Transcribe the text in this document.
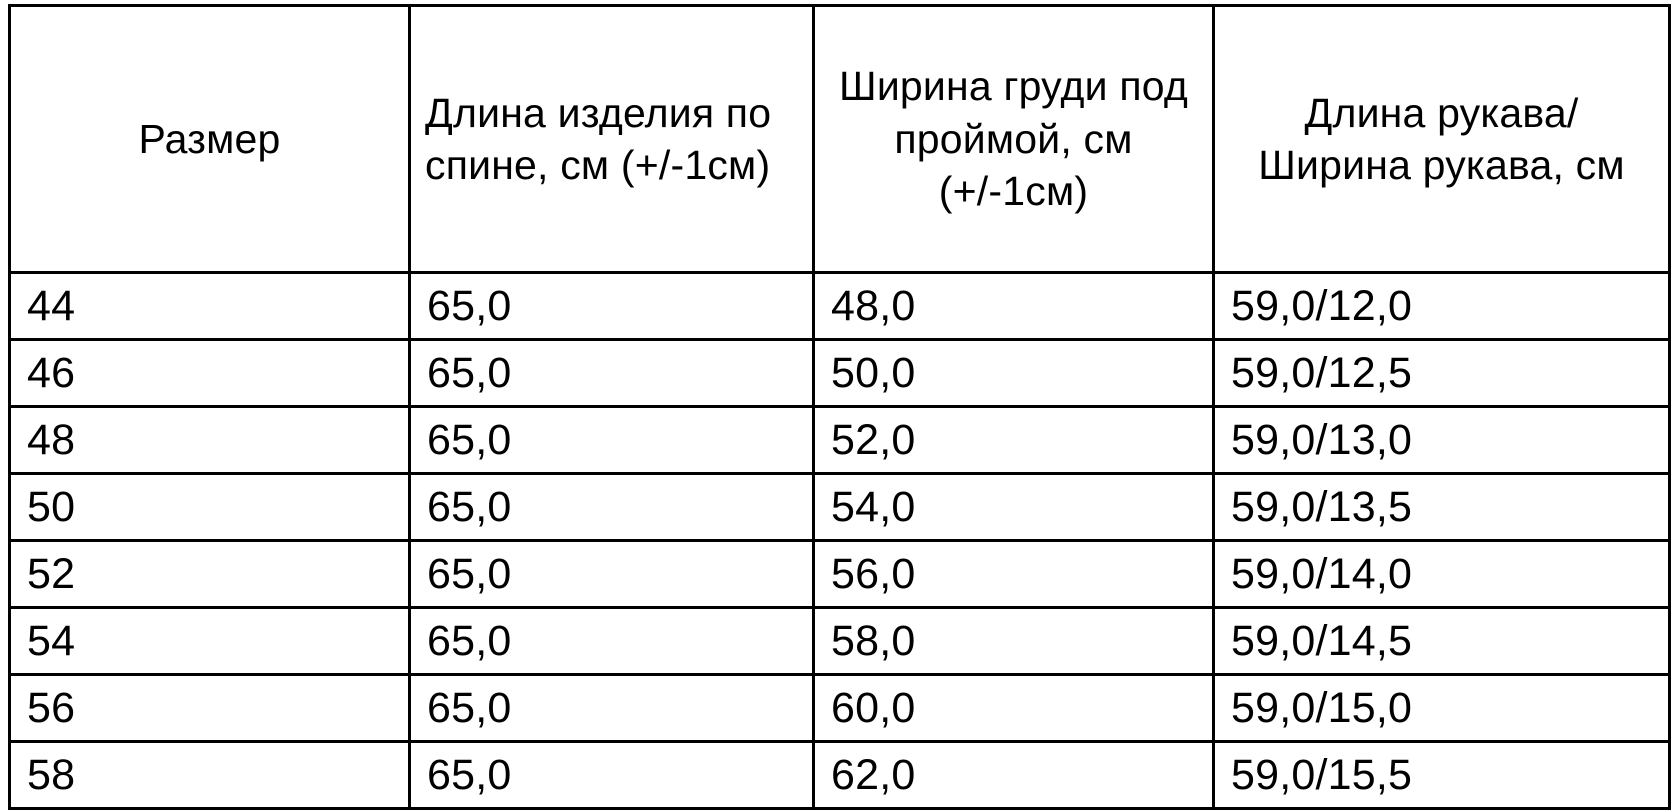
Размер	Длина изделия по спине, см (+/-1см)	Ширина груди под проймой, см (+/-1см)	Длина рукава/Ширина рукава, см

44	65,0	48,0	59,0/12,0

46	65,0	50,0	59,0/12,5

48	65,0	52,0	59,0/13,0

50	65,0	54,0	59,0/13,5

52	65,0	56,0	59,0/14,0

54	65,0	58,0	59,0/14,5

56	65,0	60,0	59,0/15,0

58	65,0	62,0	59,0/15,5
